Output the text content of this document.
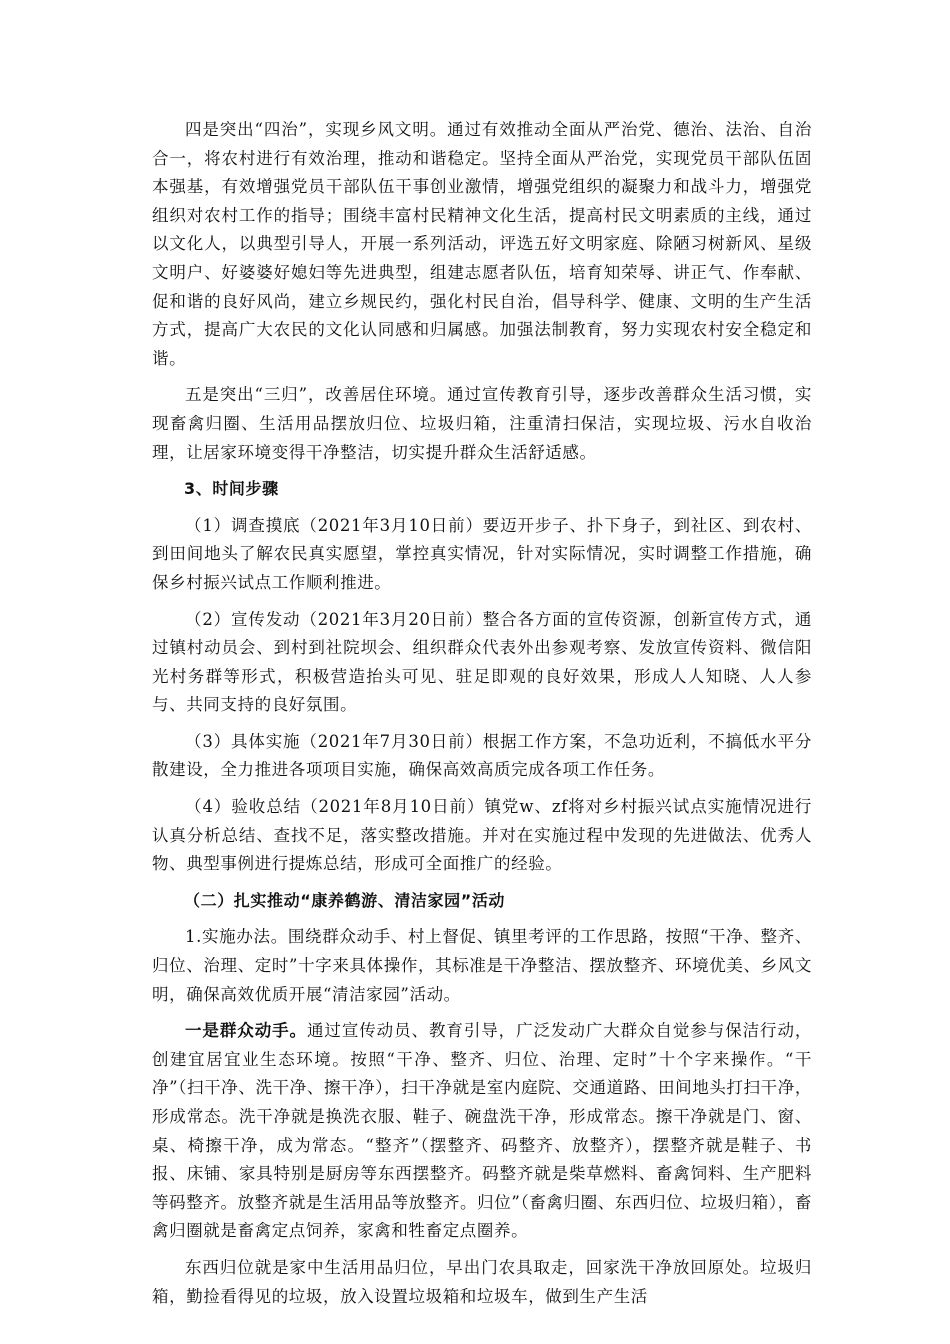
四是突出“四治”，实现乡风文明。通过有效推动全面从严治党、德治、法治、自治合一，将农村进行有效治理，推动和谐稳定。坚持全面从严治党，实现党员干部队伍固本强基，有效增强党员干部队伍干事创业激情，增强党组织的凝聚力和战斗力，增强党组织对农村工作的指导；围绕丰富村民精神文化生活，提高村民文明素质的主线，通过以文化人，以典型引导人，开展一系列活动，评选五好文明家庭、除陋习树新风、星级文明户、好婆婆好媳妇等先进典型，组建志愿者队伍，培育知荣辱、讲正气、作奉献、促和谐的良好风尚，建立乡规民约，强化村民自治，倡导科学、健康、文明的生产生活方式，提高广大农民的文化认同感和归属感。加强法制教育，努力实现农村安全稳定和谐。

五是突出“三归”，改善居住环境。通过宣传教育引导，逐步改善群众生活习惯，实现畜禽归圈、生活用品摆放归位、垃圾归箱，注重清扫保洁，实现垃圾、污水自收治理，让居家环境变得干净整洁，切实提升群众生活舒适感。

3、时间步骤

（1）调查摸底（2021年3月10日前）要迈开步子、扑下身子，到社区、到农村、到田间地头了解农民真实愿望，掌控真实情况，针对实际情况，实时调整工作措施，确保乡村振兴试点工作顺利推进。

（2）宣传发动（2021年3月20日前）整合各方面的宣传资源，创新宣传方式，通过镇村动员会、到村到社院坝会、组织群众代表外出参观考察、发放宣传资料、微信阳光村务群等形式，积极营造抬头可见、驻足即观的良好效果，形成人人知晓、人人参与、共同支持的良好氛围。

（3）具体实施（2021年7月30日前）根据工作方案，不急功近利，不搞低水平分散建设，全力推进各项项目实施，确保高效高质完成各项工作任务。

（4）验收总结（2021年8月10日前）镇党w、zf将对乡村振兴试点实施情况进行认真分析总结、查找不足，落实整改措施。并对在实施过程中发现的先进做法、优秀人物、典型事例进行提炼总结，形成可全面推广的经验。

（二）扎实推动“康养鹤游、清洁家园”活动

1.实施办法。围绕群众动手、村上督促、镇里考评的工作思路，按照“干净、整齐、归位、治理、定时”十字来具体操作，其标准是干净整洁、摆放整齐、环境优美、乡风文明，确保高效优质开展“清洁家园”活动。

一是群众动手。通过宣传动员、教育引导，广泛发动广大群众自觉参与保洁行动，创建宜居宜业生态环境。按照“干净、整齐、归位、治理、定时”十个字来操作。“干净”（扫干净、洗干净、擦干净），扫干净就是室内庭院、交通道路、田间地头打扫干净，形成常态。洗干净就是换洗衣服、鞋子、碗盘洗干净，形成常态。擦干净就是门、窗、桌、椅擦干净，成为常态。“整齐”（摆整齐、码整齐、放整齐），摆整齐就是鞋子、书报、床铺、家具特别是厨房等东西摆整齐。码整齐就是柴草燃料、畜禽饲料、生产肥料等码整齐。放整齐就是生活用品等放整齐。归位”（畜禽归圈、东西归位、垃圾归箱），畜禽归圈就是畜禽定点饲养，家禽和牲畜定点圈养。

东西归位就是家中生活用品归位，早出门农具取走，回家洗干净放回原处。垃圾归箱，勤捡看得见的垃圾，放入设置垃圾箱和垃圾车，做到生产生活
